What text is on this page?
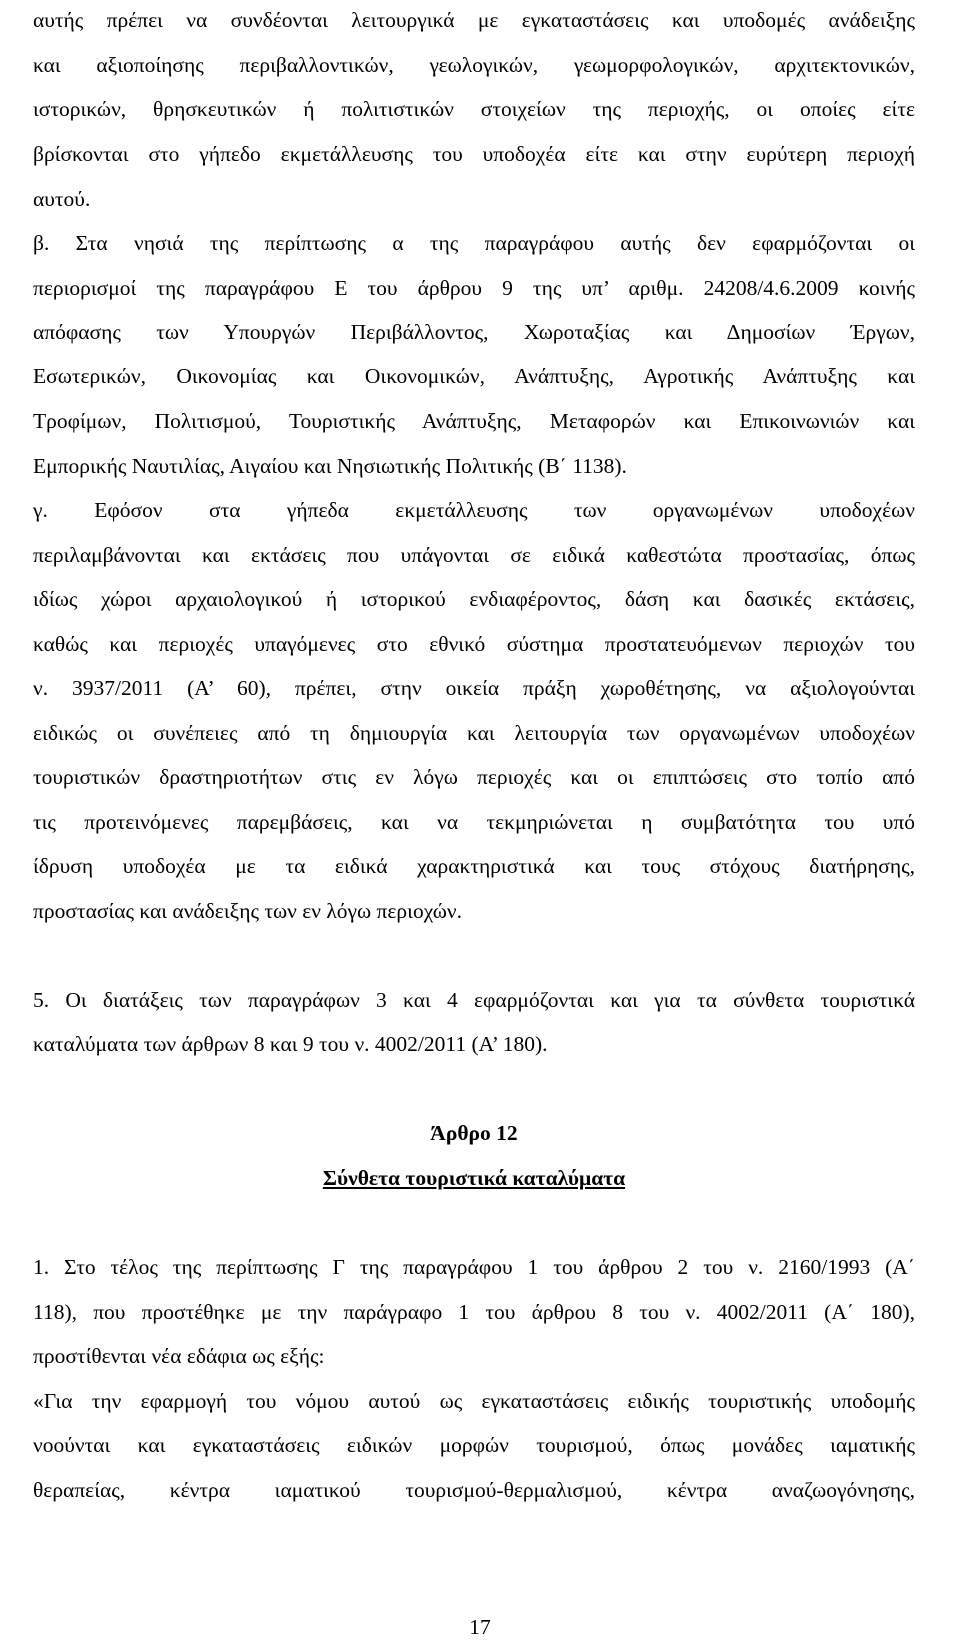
αυτής πρέπει να συνδέονται λειτουργικά με εγκαταστάσεις και υποδομές ανάδειξης
και αξιοποίησης περιβαλλοντικών, γεωλογικών, γεωμορφολογικών, αρχιτεκτονικών,
ιστορικών, θρησκευτικών ή πολιτιστικών στοιχείων της περιοχής, οι οποίες είτε
βρίσκονται στο γήπεδο εκμετάλλευσης του υποδοχέα είτε και στην ευρύτερη περιοχή
αυτού.
β. Στα νησιά της περίπτωσης α της παραγράφου αυτής δεν εφαρμόζονται οι
περιορισμοί της παραγράφου Ε του άρθρου 9 της υπ’ αριθμ. 24208/4.6.2009 κοινής
απόφασης των Υπουργών Περιβάλλοντος, Χωροταξίας και Δημοσίων Έργων,
Εσωτερικών, Οικονομίας και Οικονομικών, Ανάπτυξης, Αγροτικής Ανάπτυξης και
Τροφίμων, Πολιτισμού, Τουριστικής Ανάπτυξης, Μεταφορών και Επικοινωνιών και
Εμπορικής Ναυτιλίας, Αιγαίου και Νησιωτικής Πολιτικής (Β΄ 1138).
γ. Εφόσον στα γήπεδα εκμετάλλευσης των οργανωμένων υποδοχέων
περιλαμβάνονται και εκτάσεις που υπάγονται σε ειδικά καθεστώτα προστασίας, όπως
ιδίως χώροι αρχαιολογικού ή ιστορικού ενδιαφέροντος, δάση και δασικές εκτάσεις,
καθώς και περιοχές υπαγόμενες στο εθνικό σύστημα προστατευόμενων περιοχών του
ν. 3937/2011 (Α’ 60), πρέπει, στην οικεία πράξη χωροθέτησης, να αξιολογούνται
ειδικώς οι συνέπειες από τη δημιουργία και λειτουργία των οργανωμένων υποδοχέων
τουριστικών δραστηριοτήτων στις εν λόγω περιοχές και οι επιπτώσεις στο τοπίο από
τις προτεινόμενες παρεμβάσεις, και να τεκμηριώνεται η συμβατότητα του υπό
ίδρυση υποδοχέα με τα ειδικά χαρακτηριστικά και τους στόχους διατήρησης,
προστασίας και ανάδειξης των εν λόγω περιοχών.
5. Οι διατάξεις των παραγράφων 3 και 4 εφαρμόζονται και για τα σύνθετα τουριστικά
καταλύματα των άρθρων 8 και 9 του ν. 4002/2011 (Α’ 180).
Άρθρο 12
Σύνθετα τουριστικά καταλύματα
1. Στο τέλος της περίπτωσης Γ της παραγράφου 1 του άρθρου 2 του ν. 2160/1993 (Α΄
118), που προστέθηκε με την παράγραφο 1 του άρθρου 8 του ν. 4002/2011 (Α΄ 180),
προστίθενται νέα εδάφια ως εξής:
«Για την εφαρμογή του νόμου αυτού ως εγκαταστάσεις ειδικής τουριστικής υποδομής
νοούνται και εγκαταστάσεις ειδικών μορφών τουρισμού, όπως μονάδες ιαματικής
θεραπείας, κέντρα ιαματικού τουρισμού-θερμαλισμού, κέντρα αναζωογόνησης,
17
